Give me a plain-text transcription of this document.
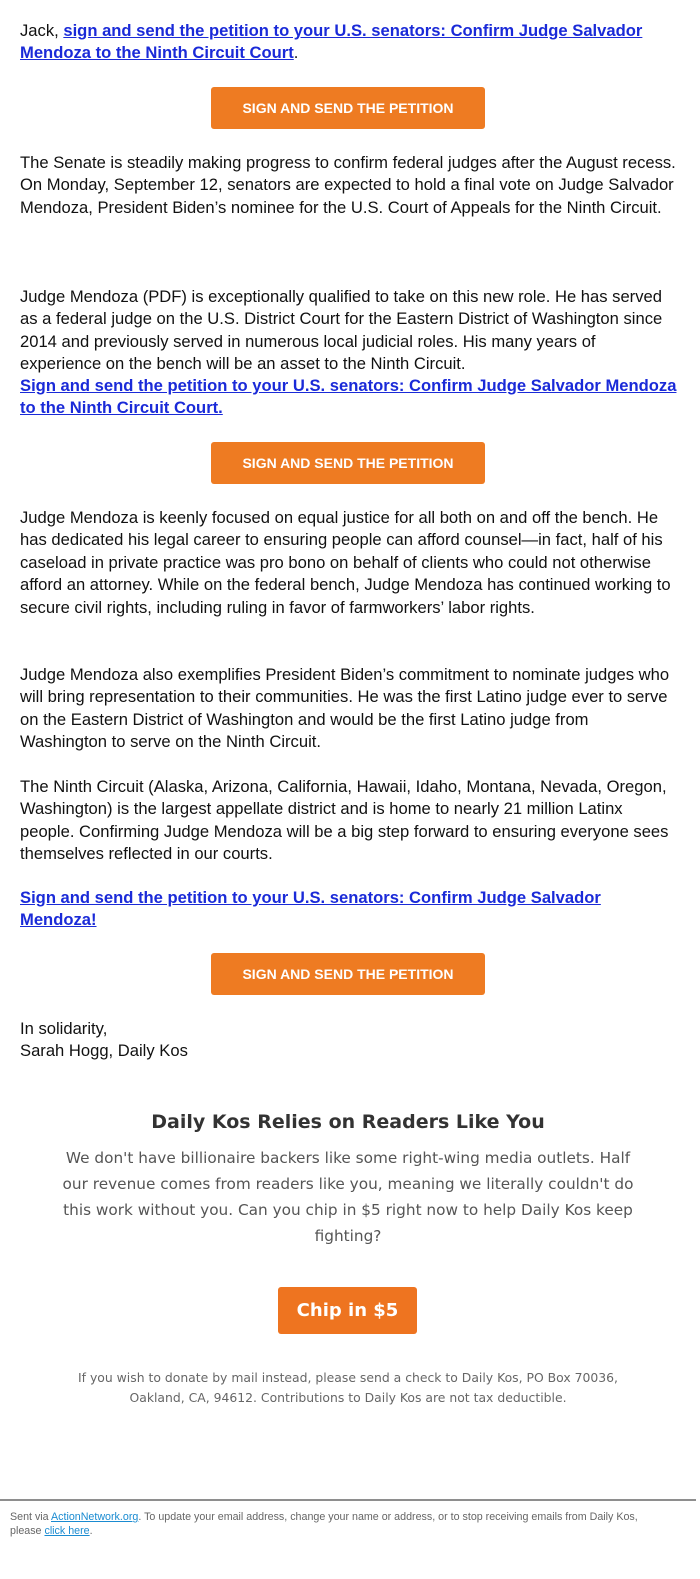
Jack, sign and send the petition to your U.S. senators: Confirm Judge Salvador Mendoza to the Ninth Circuit Court.

SIGN AND SEND THE PETITION

The Senate is steadily making progress to confirm federal judges after the August recess. On Monday, September 12, senators are expected to hold a final vote on Judge Salvador Mendoza, President Biden’s nominee for the U.S. Court of Appeals for the Ninth Circuit.

Judge Mendoza (PDF) is exceptionally qualified to take on this new role. He has served as a federal judge on the U.S. District Court for the Eastern District of Washington since 2014 and previously served in numerous local judicial roles. His many years of experience on the bench will be an asset to the Ninth Circuit.

Sign and send the petition to your U.S. senators: Confirm Judge Salvador Mendoza to the Ninth Circuit Court.
SIGN AND SEND THE PETITION

Judge Mendoza is keenly focused on equal justice for all both on and off the bench. He has dedicated his legal career to ensuring people can afford counsel—in fact, half of his caseload in private practice was pro bono on behalf of clients who could not otherwise afford an attorney. While on the federal bench, Judge Mendoza has continued working to secure civil rights, including ruling in favor of farmworkers’ labor rights.

Judge Mendoza also exemplifies President Biden’s commitment to nominate judges who will bring representation to their communities. He was the first Latino judge ever to serve on the Eastern District of Washington and would be the first Latino judge from Washington to serve on the Ninth Circuit.

The Ninth Circuit (Alaska, Arizona, California, Hawaii, Idaho, Montana, Nevada, Oregon, Washington) is the largest appellate district and is home to nearly 21 million Latinx people. Confirming Judge Mendoza will be a big step forward to ensuring everyone sees themselves reflected in our courts.

Sign and send the petition to your U.S. senators: Confirm Judge Salvador Mendoza!
SIGN AND SEND THE PETITION

In solidarity,
Sarah Hogg, Daily Kos

Daily Kos Relies on Readers Like You

We don't have billionaire backers like some right-wing media outlets. Half our revenue comes from readers like you, meaning we literally couldn't do this work without you. Can you chip in $5 right now to help Daily Kos keep fighting?

Chip in $5

If you wish to donate by mail instead, please send a check to Daily Kos, PO Box 70036, Oakland, CA, 94612. Contributions to Daily Kos are not tax deductible.

Sent via ActionNetwork.org. To update your email address, change your name or address, or to stop receiving emails from Daily Kos, please click here.
